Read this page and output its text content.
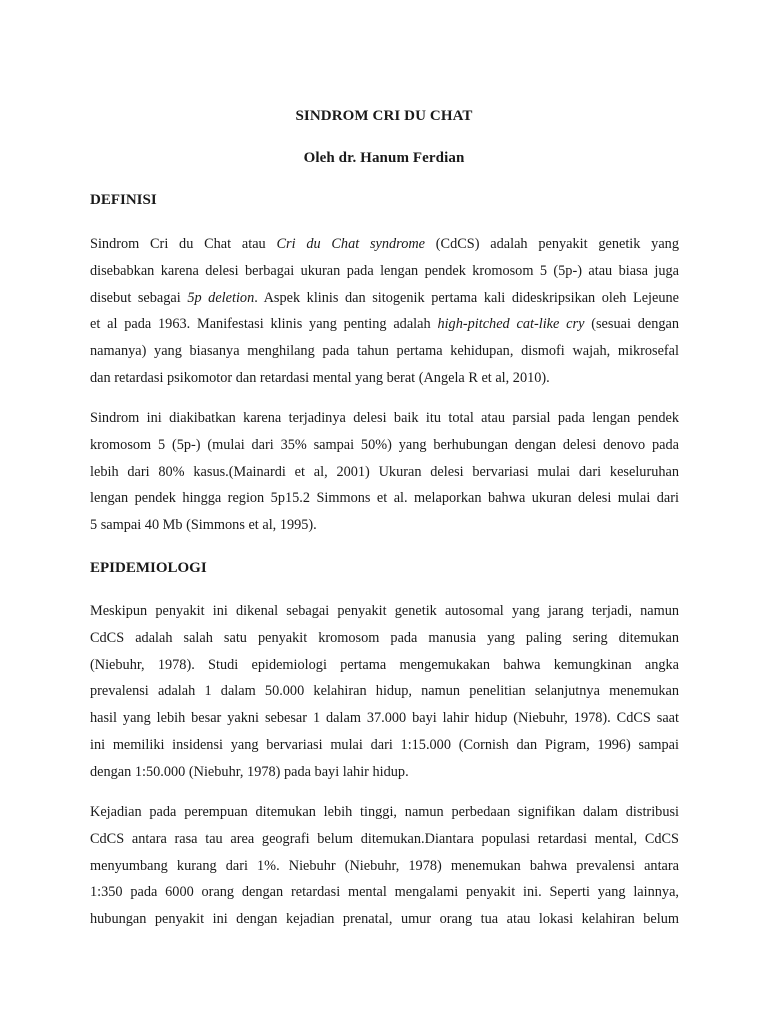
SINDROM CRI DU CHAT
Oleh dr. Hanum Ferdian
DEFINISI
Sindrom Cri du Chat atau Cri du Chat syndrome (CdCS) adalah penyakit genetik yang
disebabkan karena delesi berbagai ukuran pada lengan pendek kromosom 5 (5p-) atau biasa juga
disebut sebagai 5p deletion. Aspek klinis dan sitogenik pertama kali dideskripsikan oleh Lejeune
et al pada 1963. Manifestasi klinis yang penting adalah high-pitched cat-like cry (sesuai dengan
namanya) yang biasanya menghilang pada tahun pertama kehidupan, dismofi wajah, mikrosefal
dan retardasi psikomotor dan retardasi mental yang berat (Angela R et al, 2010).
Sindrom ini diakibatkan karena terjadinya delesi baik itu total atau parsial pada lengan pendek
kromosom 5 (5p-) (mulai dari 35% sampai 50%) yang berhubungan dengan delesi denovo pada
lebih dari 80% kasus.(Mainardi et al, 2001) Ukuran delesi bervariasi mulai dari keseluruhan
lengan pendek hingga region 5p15.2 Simmons et al. melaporkan bahwa ukuran delesi mulai dari
5 sampai 40 Mb (Simmons et al, 1995).
EPIDEMIOLOGI
Meskipun penyakit ini dikenal sebagai penyakit genetik autosomal yang jarang terjadi, namun
CdCS adalah salah satu penyakit kromosom pada manusia yang paling sering ditemukan
(Niebuhr, 1978). Studi epidemiologi pertama mengemukakan bahwa kemungkinan angka
prevalensi adalah 1 dalam 50.000 kelahiran hidup, namun penelitian selanjutnya menemukan
hasil yang lebih besar yakni sebesar 1 dalam 37.000 bayi lahir hidup (Niebuhr, 1978). CdCS saat
ini memiliki insidensi yang bervariasi mulai dari 1:15.000 (Cornish dan Pigram, 1996) sampai
dengan 1:50.000 (Niebuhr, 1978) pada bayi lahir hidup.
Kejadian pada perempuan ditemukan lebih tinggi, namun perbedaan signifikan dalam distribusi
CdCS antara rasa tau area geografi belum ditemukan.Diantara populasi retardasi mental, CdCS
menyumbang kurang dari 1%. Niebuhr (Niebuhr, 1978) menemukan bahwa prevalensi antara
1:350 pada 6000 orang dengan retardasi mental mengalami penyakit ini. Seperti yang lainnya,
hubungan penyakit ini dengan kejadian prenatal, umur orang tua atau lokasi kelahiran belum
